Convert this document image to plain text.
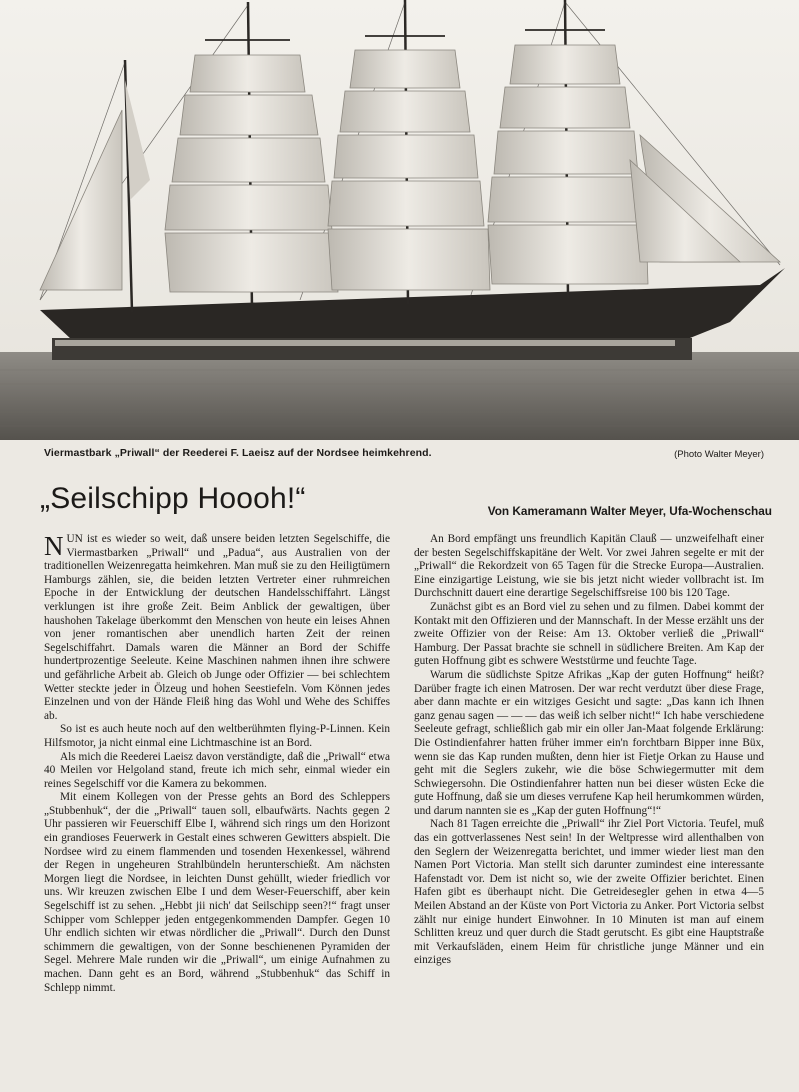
Viermastbark „Priwall“ der Reederei F. Laeisz auf der Nordsee heimkehrend.	(Photo Walter Meyer)
„Seilschipp Hoooh!“	Von Kameramann Walter Meyer, Ufa-Wochenschau

NUN ist es wieder so weit, daß unsere beiden letzten Segelschiffe, die Viermastbarken „Priwall“ und „Padua“, aus Australien von der traditionellen Weizenregatta heimkehren. Man muß sie zu den Heiligtümern Hamburgs zählen, sie, die beiden letzten Vertreter einer ruhmreichen Epoche in der Entwicklung der deutschen Handelsschiffahrt. Längst verklungen ist ihre große Zeit. Beim Anblick der gewaltigen, über haushohen Takelage überkommt den Menschen von heute ein leises Ahnen von jener romantischen aber unendlich harten Zeit der reinen Segelschiffahrt. Damals waren die Männer an Bord der Schiffe hundertprozentige Seeleute. Keine Maschinen nahmen ihnen ihre schwere und gefährliche Arbeit ab. Gleich ob Junge oder Offizier — bei schlechtem Wetter steckte jeder in Ölzeug und hohen Seestiefeln. Vom Können jedes Einzelnen und von der Hände Fleiß hing das Wohl und Wehe des Schiffes ab.

So ist es auch heute noch auf den weltberühmten flying-P-Linnen. Kein Hilfsmotor, ja nicht einmal eine Lichtmaschine ist an Bord.

Als mich die Reederei Laeisz davon verständigte, daß die „Priwall“ etwa 40 Meilen vor Helgoland stand, freute ich mich sehr, einmal wieder ein reines Segelschiff vor die Kamera zu bekommen.

Mit einem Kollegen von der Presse gehts an Bord des Schleppers „Stubbenhuk“, der die „Priwall“ tauen soll, elbaufwärts. Nachts gegen 2 Uhr passieren wir Feuerschiff Elbe I, während sich rings um den Horizont ein grandioses Feuerwerk in Gestalt eines schweren Gewitters abspielt. Die Nordsee wird zu einem flammenden und tosenden Hexenkessel, während der Regen in ungeheuren Strahlbündeln herunterschießt. Am nächsten Morgen liegt die Nordsee, in leichten Dunst gehüllt, wieder friedlich vor uns. Wir kreuzen zwischen Elbe I und dem Weser-Feuerschiff, aber kein Segelschiff ist zu sehen. „Hebbt jii nich' dat Seilschipp seen?!“ fragt unser Schipper vom Schlepper jeden entgegenkommenden Dampfer. Gegen 10 Uhr endlich sichten wir etwas nördlicher die „Priwall“. Durch den Dunst schimmern die gewaltigen, von der Sonne beschienenen Pyramiden der Segel. Mehrere Male runden wir die „Priwall“, um einige Aufnahmen zu machen. Dann geht es an Bord, während „Stubbenhuk“ das Schiff in Schlepp nimmt.

An Bord empfängt uns freundlich Kapitän Clauß — unzweifelhaft einer der besten Segelschiffskapitäne der Welt. Vor zwei Jahren segelte er mit der „Priwall“ die Rekordzeit von 65 Tagen für die Strecke Europa—Australien. Eine einzigartige Leistung, wie sie bis jetzt nicht wieder vollbracht ist. Im Durchschnitt dauert eine derartige Segelschiffsreise 100 bis 120 Tage.

Zunächst gibt es an Bord viel zu sehen und zu filmen. Dabei kommt der Kontakt mit den Offizieren und der Mannschaft. In der Messe erzählt uns der zweite Offizier von der Reise: Am 13. Oktober verließ die „Priwall“ Hamburg. Der Passat brachte sie schnell in südlichere Breiten. Am Kap der guten Hoffnung gibt es schwere Weststürme und feuchte Tage.

Warum die südlichste Spitze Afrikas „Kap der guten Hoffnung“ heißt? Darüber fragte ich einen Matrosen. Der war recht verdutzt über diese Frage, aber dann machte er ein witziges Gesicht und sagte: „Das kann ich Ihnen ganz genau sagen — — — das weiß ich selber nicht!“ Ich habe verschiedene Seeleute gefragt, schließlich gab mir ein oller Jan-Maat folgende Erklärung: Die Ostindienfahrer hatten früher immer ein'n forchtbarn Bipper inne Büx, wenn sie das Kap runden mußten, denn hier ist Fietje Orkan zu Hause und geht mit die Seglers zukehr, wie die böse Schwiegermutter mit dem Schwiegersohn. Die Ostindienfahrer hatten nun bei dieser wüsten Ecke die gute Hoffnung, daß sie um dieses verrufene Kap heil herumkommen würden, und darum nannten sie es „Kap der guten Hoffnung“!“

Nach 81 Tagen erreichte die „Priwall“ ihr Ziel Port Victoria. Teufel, muß das ein gottverlassenes Nest sein! In der Weltpresse wird allenthalben von den Seglern der Weizenregatta berichtet, und immer wieder liest man den Namen Port Victoria. Man stellt sich darunter zumindest eine interessante Hafenstadt vor. Dem ist nicht so, wie der zweite Offizier berichtet. Einen Hafen gibt es überhaupt nicht. Die Getreidesegler gehen in etwa 4—5 Meilen Abstand an der Küste von Port Victoria zu Anker. Port Victoria selbst zählt nur einige hundert Einwohner. In 10 Minuten ist man auf einem Schlitten kreuz und quer durch die Stadt gerutscht. Es gibt eine Hauptstraße mit Verkaufsläden, einem Heim für christliche junge Männer und ein einziges
